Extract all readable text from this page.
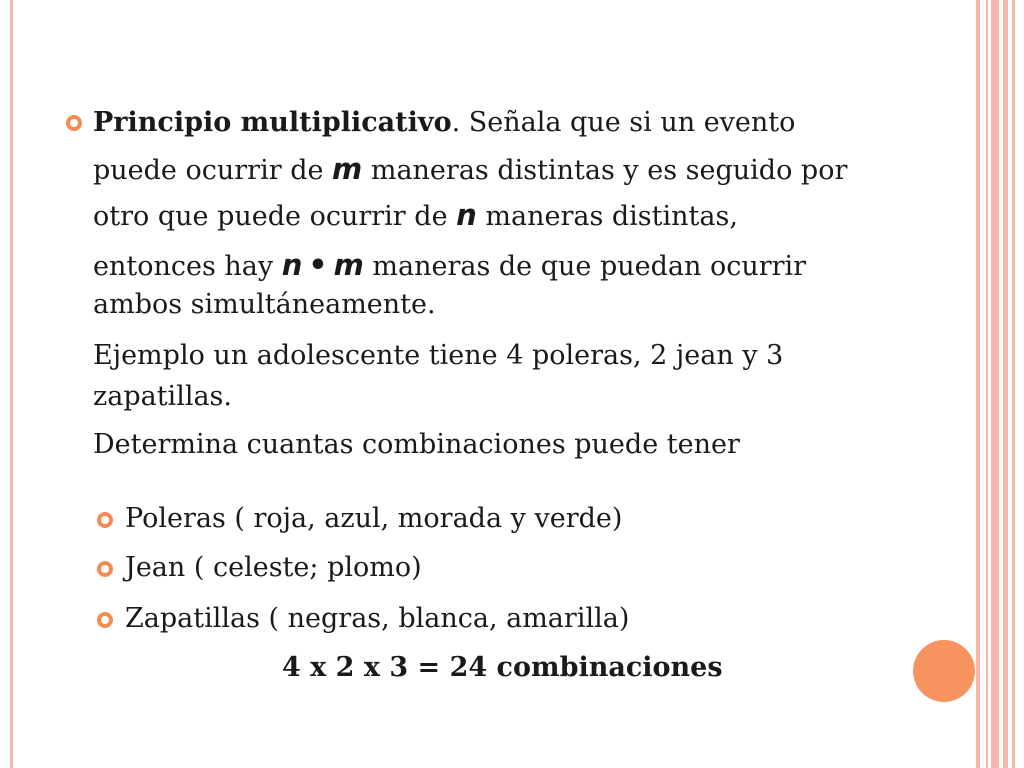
Principio multiplicativo. Señala que si un evento
puede ocurrir de m maneras distintas y es seguido por
otro que puede ocurrir de n maneras distintas,
entonces hay n • m maneras de que puedan ocurrir
ambos simultáneamente.
Ejemplo un adolescente tiene 4 poleras, 2 jean y 3
zapatillas.
Determina cuantas combinaciones puede tener
Poleras ( roja, azul, morada y verde)
Jean ( celeste; plomo)
Zapatillas ( negras, blanca, amarilla)
4 x 2 x 3 = 24 combinaciones
